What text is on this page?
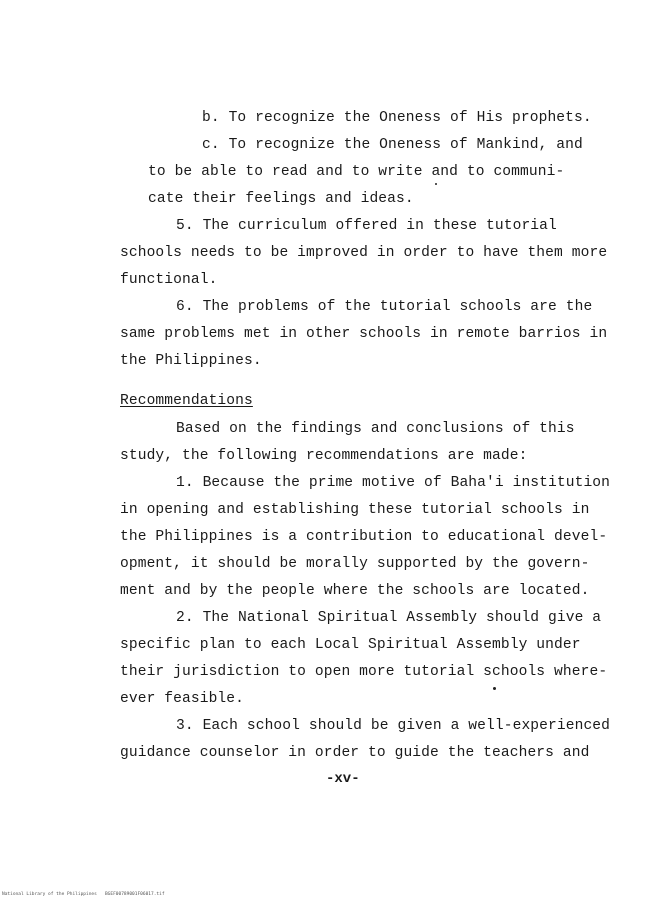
b. To recognize the Oneness of His prophets.
c. To recognize the Oneness of Mankind, and
to be able to read and to write and to communi-
cate their feelings and ideas.
5. The curriculum offered in these tutorial
schools needs to be improved in order to have them more
functional.
6. The problems of the tutorial schools are the
same problems met in other schools in remote barrios in
the Philippines.
Recommendations
Based on the findings and conclusions of this
study, the following recommendations are made:
1. Because the prime motive of Baha'i institution
in opening and establishing these tutorial schools in
the Philippines is a contribution to educational devel-
opment, it should be morally supported by the govern-
ment and by the people where the schools are located.
2. The National Spiritual Assembly should give a
specific plan to each Local Spiritual Assembly under
their jurisdiction to open more tutorial schools where-
ever feasible.
3. Each school should be given a well-experienced
guidance counselor in order to guide the teachers and
-xv-
National Library of the Philippines   BGEF00789001F06017.tif
